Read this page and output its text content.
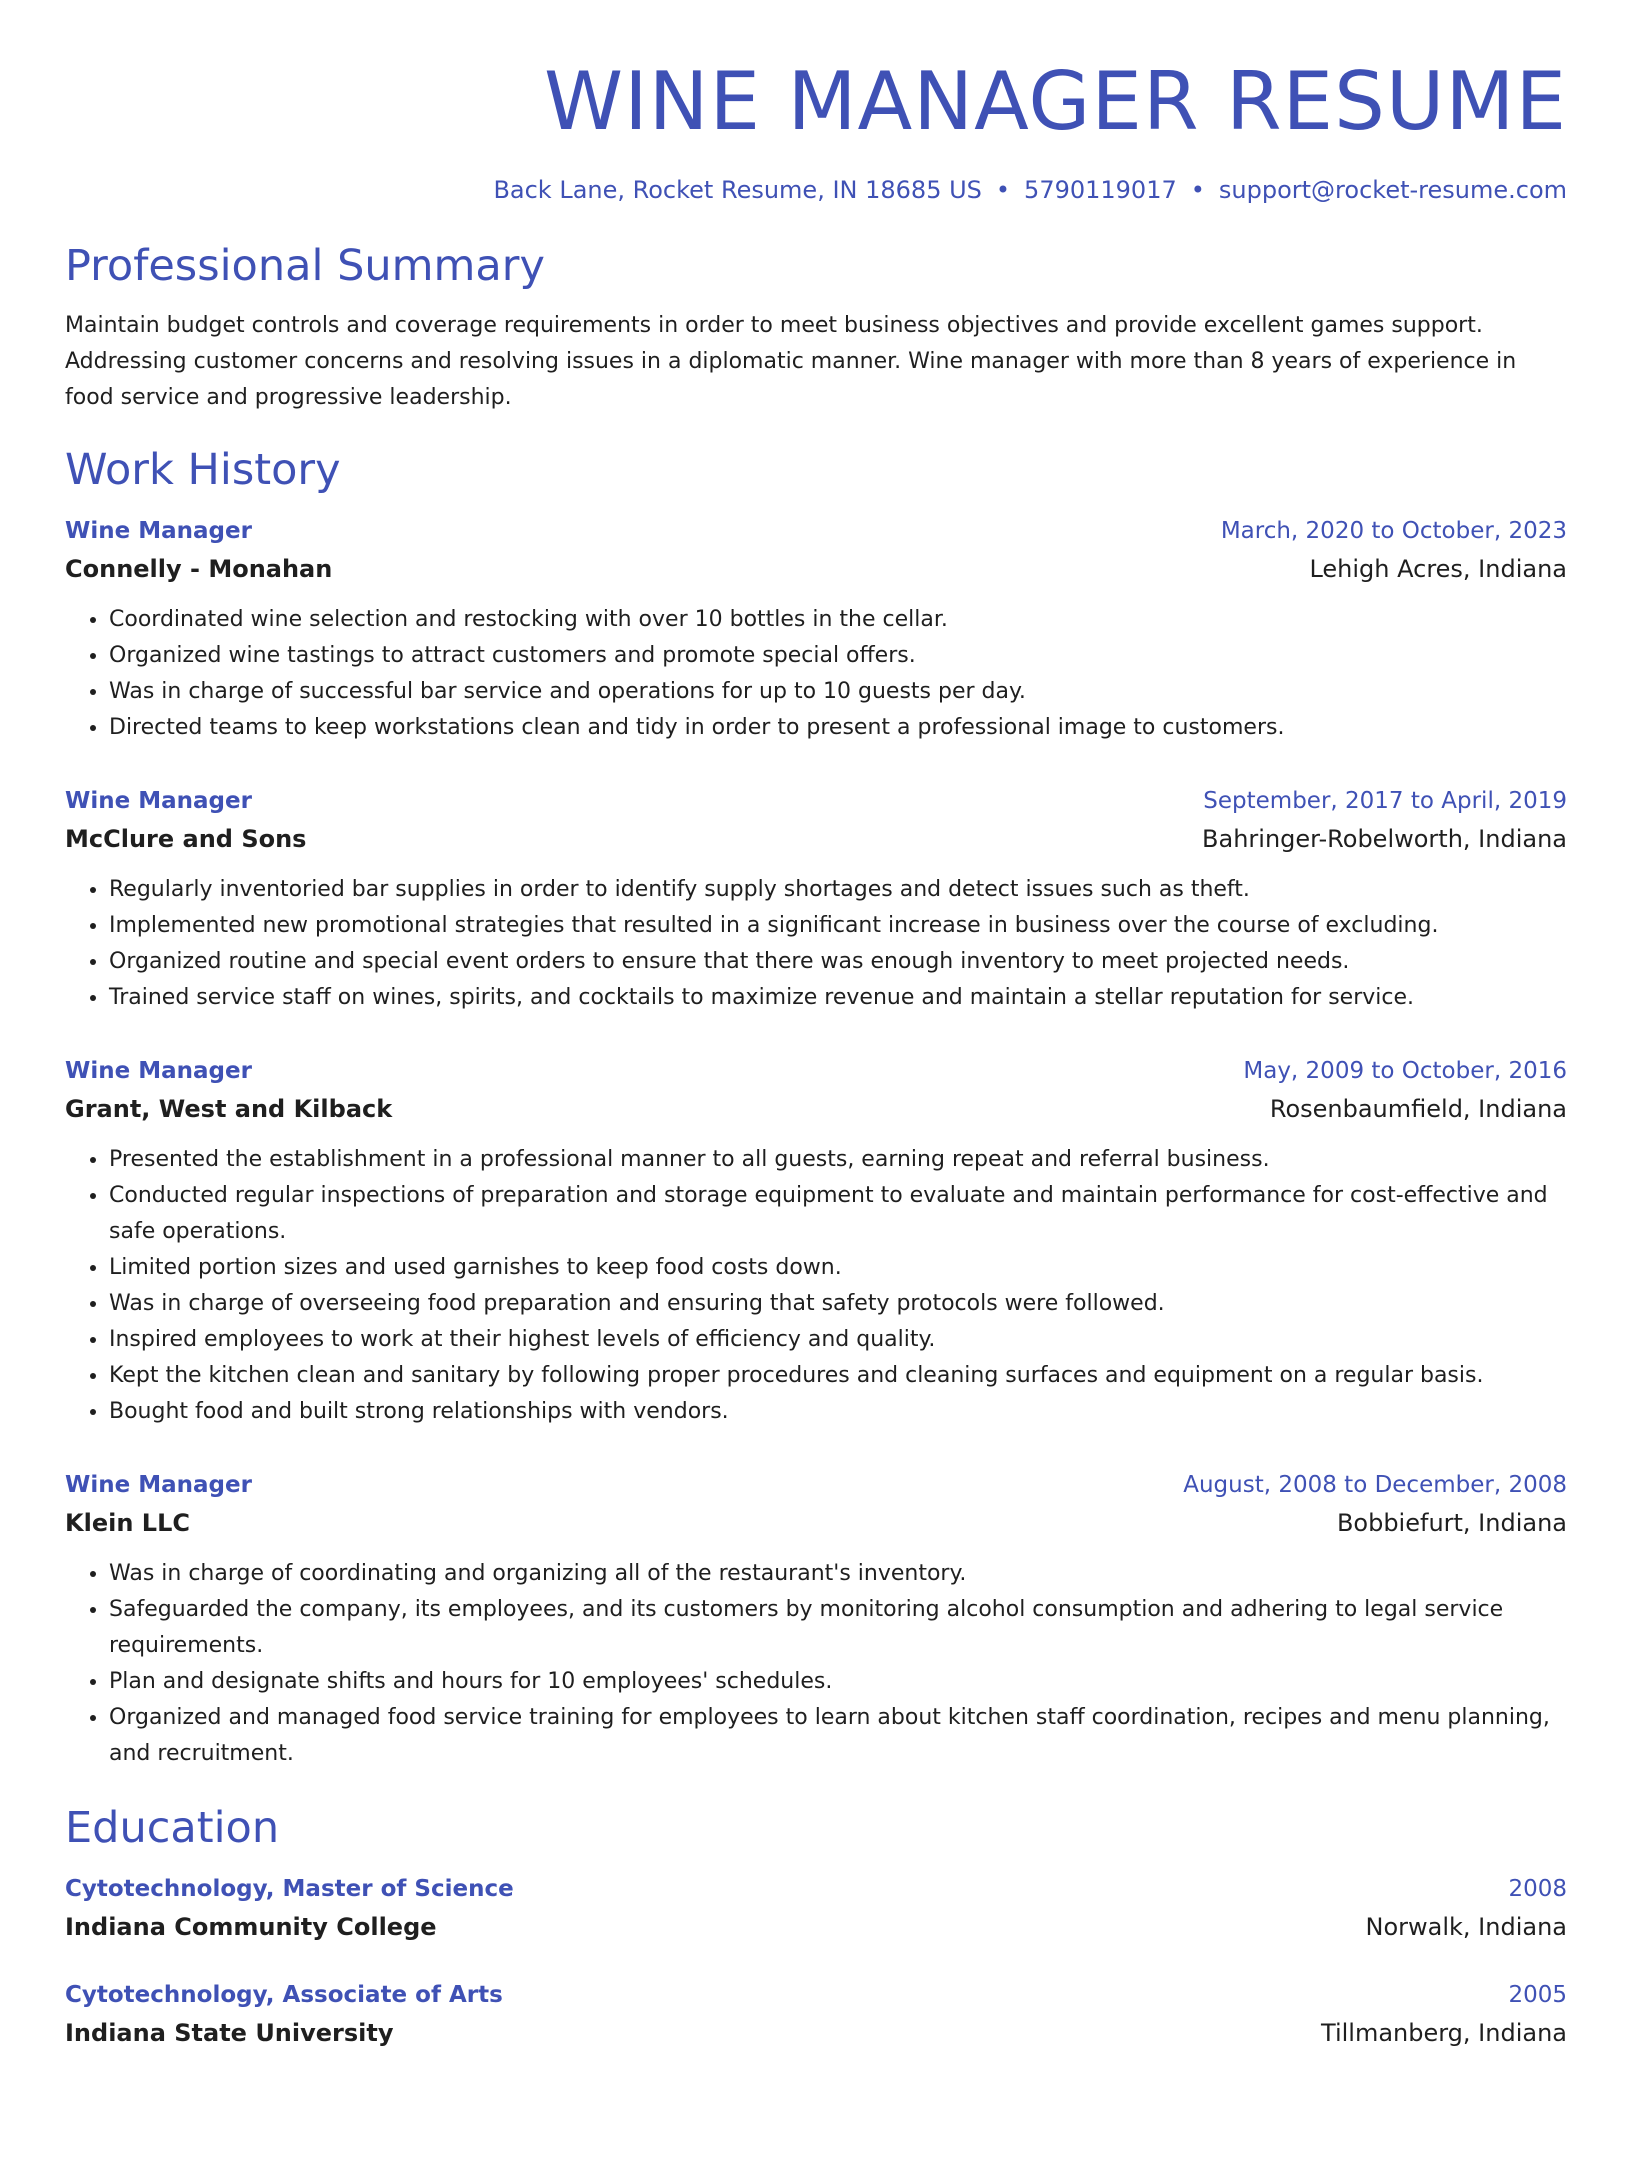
WINE MANAGER RESUME
Back Lane, Rocket Resume, IN 18685 US • 5790119017 • support@rocket-resume.com
Professional Summary

Maintain budget controls and coverage requirements in order to meet business objectives and provide excellent games support. Addressing customer concerns and resolving issues in a diplomatic manner. Wine manager with more than 8 years of experience in food service and progressive leadership.

Work History
Wine Manager	March, 2020 to October, 2023
Connelly - Monahan	Lehigh Acres, Indiana
• Coordinated wine selection and restocking with over 10 bottles in the cellar.
• Organized wine tastings to attract customers and promote special offers.
• Was in charge of successful bar service and operations for up to 10 guests per day.
• Directed teams to keep workstations clean and tidy in order to present a professional image to customers.
Wine Manager	September, 2017 to April, 2019
McClure and Sons	Bahringer-Robelworth, Indiana
• Regularly inventoried bar supplies in order to identify supply shortages and detect issues such as theft.
• Implemented new promotional strategies that resulted in a significant increase in business over the course of excluding.
• Organized routine and special event orders to ensure that there was enough inventory to meet projected needs.
• Trained service staff on wines, spirits, and cocktails to maximize revenue and maintain a stellar reputation for service.
Wine Manager	May, 2009 to October, 2016
Grant, West and Kilback	Rosenbaumfield, Indiana
• Presented the establishment in a professional manner to all guests, earning repeat and referral business.
• Conducted regular inspections of preparation and storage equipment to evaluate and maintain performance for cost-effective and safe operations.
• Limited portion sizes and used garnishes to keep food costs down.
• Was in charge of overseeing food preparation and ensuring that safety protocols were followed.
• Inspired employees to work at their highest levels of efficiency and quality.
• Kept the kitchen clean and sanitary by following proper procedures and cleaning surfaces and equipment on a regular basis.
• Bought food and built strong relationships with vendors.
Wine Manager	August, 2008 to December, 2008
Klein LLC	Bobbiefurt, Indiana
• Was in charge of coordinating and organizing all of the restaurant's inventory.
• Safeguarded the company, its employees, and its customers by monitoring alcohol consumption and adhering to legal service requirements.
• Plan and designate shifts and hours for 10 employees' schedules.
• Organized and managed food service training for employees to learn about kitchen staff coordination, recipes and menu planning, and recruitment.
Education
Cytotechnology, Master of Science	2008
Indiana Community College	Norwalk, Indiana
Cytotechnology, Associate of Arts	2005
Indiana State University	Tillmanberg, Indiana
